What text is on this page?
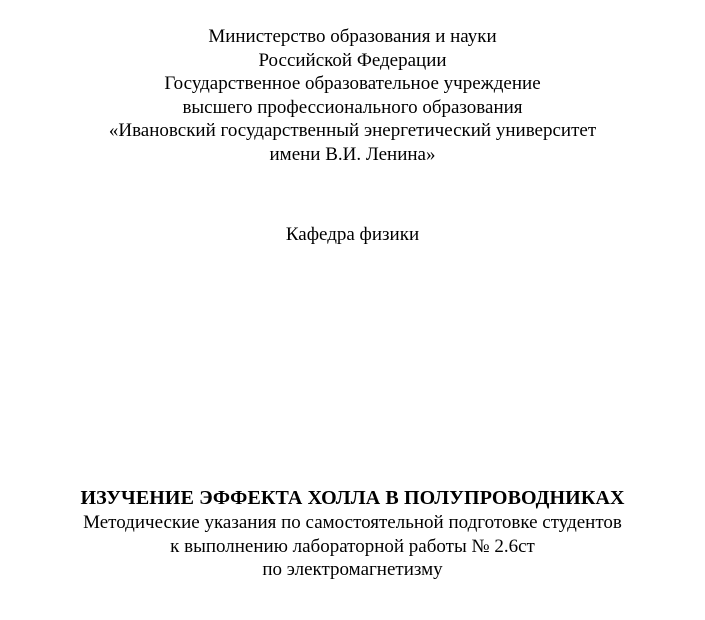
Министерство образования и науки
Российской Федерации
Государственное образовательное учреждение
высшего профессионального образования
«Ивановский государственный энергетический университет
имени В.И. Ленина»
Кафедра физики
ИЗУЧЕНИЕ ЭФФЕКТА ХОЛЛА В ПОЛУПРОВОДНИКАХ
Методические указания по самостоятельной подготовке студентов
к выполнению лабораторной работы № 2.6ст
по электромагнетизму
